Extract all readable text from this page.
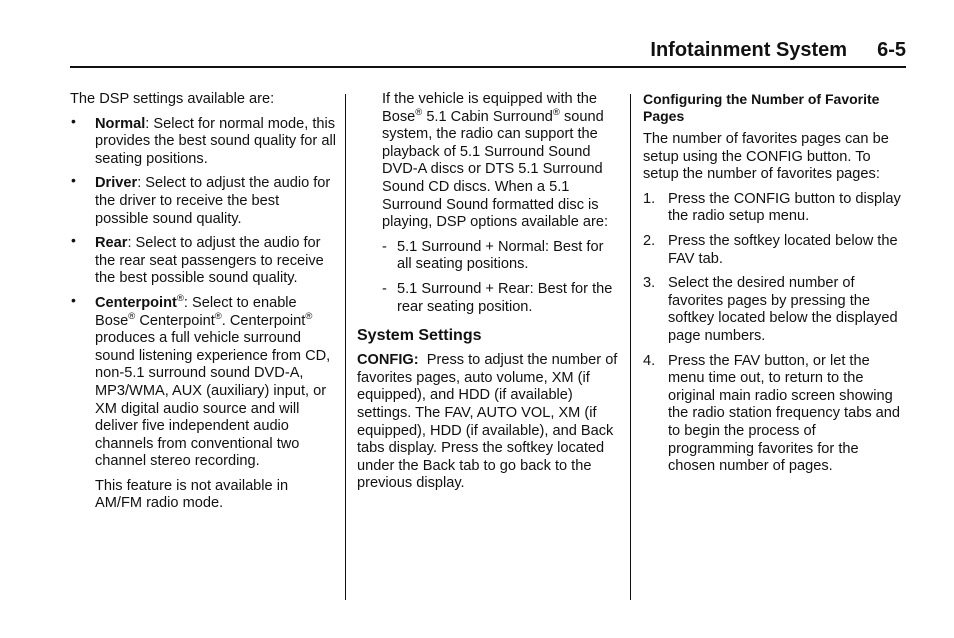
Infotainment System 6-5

The DSP settings available are:

• Normal: Select for normal mode, this provides the best sound quality for all seating positions.
• Driver: Select to adjust the audio for the driver to receive the best possible sound quality.
• Rear: Select to adjust the audio for the rear seat passengers to receive the best possible sound quality.
• Centerpoint®: Select to enable Bose® Centerpoint®. Centerpoint® produces a full vehicle surround sound listening experience from CD, non-5.1 surround sound DVD-A, MP3/WMA, AUX (auxiliary) input, or XM digital audio source and will deliver five independent audio channels from conventional two channel stereo recording.

This feature is not available in AM/FM radio mode.

If the vehicle is equipped with the Bose® 5.1 Cabin Surround® sound system, the radio can support the playback of 5.1 Surround Sound DVD-A discs or DTS 5.1 Surround Sound CD discs. When a 5.1 Surround Sound formatted disc is playing, DSP options available are:

- 5.1 Surround + Normal: Best for all seating positions.
- 5.1 Surround + Rear: Best for the rear seating position.
System Settings

CONFIG:  Press to adjust the number of favorites pages, auto volume, XM (if equipped), and HDD (if available) settings. The FAV, AUTO VOL, XM (if equipped), HDD (if available), and Back tabs display. Press the softkey located under the Back tab to go back to the previous display.

Configuring the Number of Favorite Pages

The number of favorites pages can be setup using the CONFIG button. To setup the number of favorites pages:

1. Press the CONFIG button to display the radio setup menu.
2. Press the softkey located below the FAV tab.
3. Select the desired number of favorites pages by pressing the softkey located below the displayed page numbers.
4. Press the FAV button, or let the menu time out, to return to the original main radio screen showing the radio station frequency tabs and to begin the process of programming favorites for the chosen number of pages.
